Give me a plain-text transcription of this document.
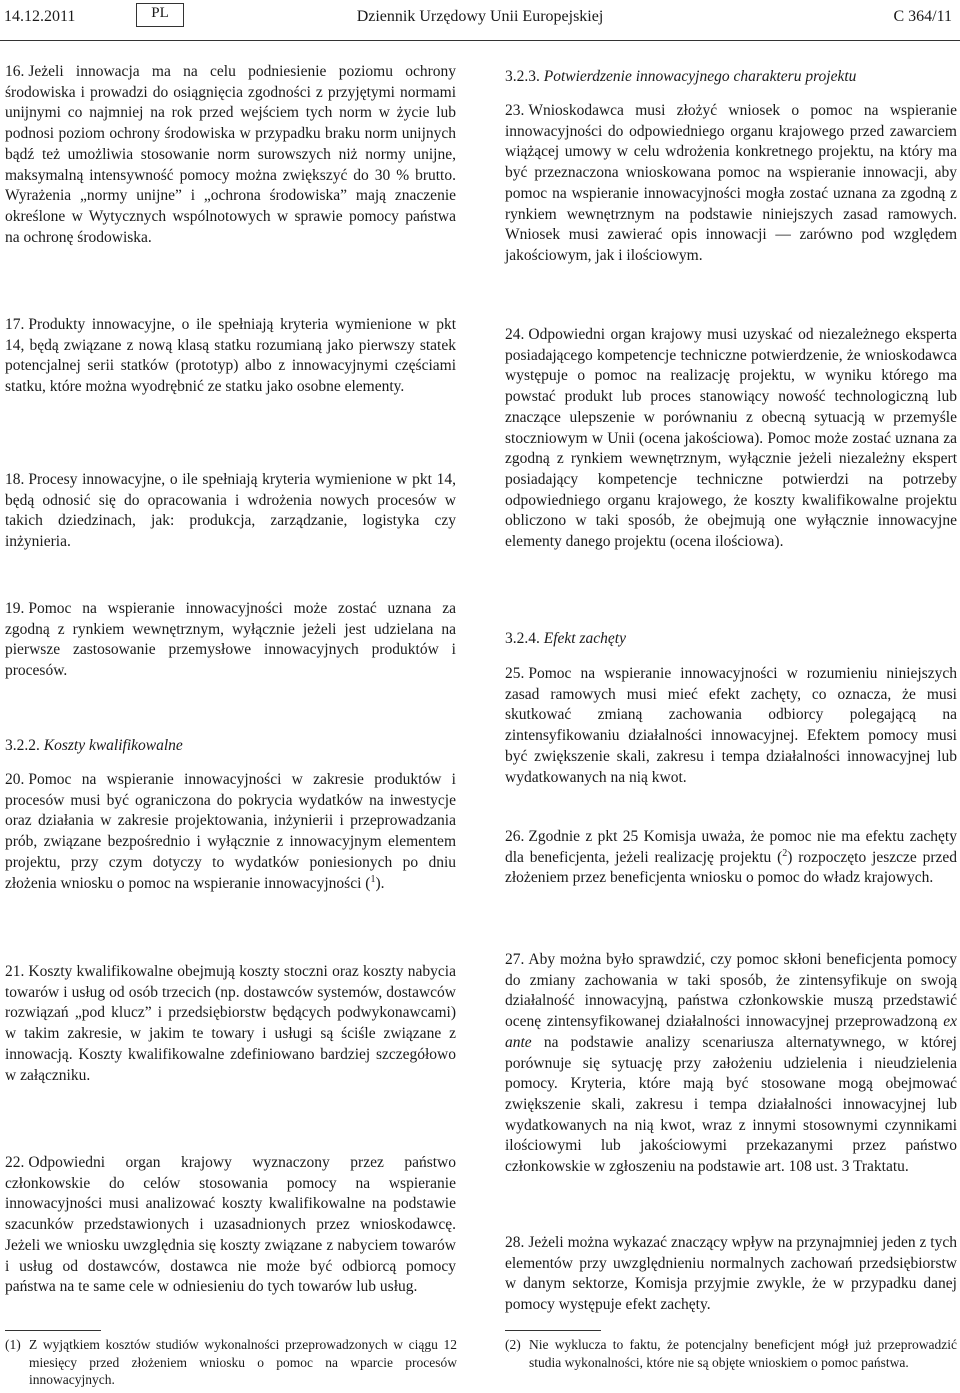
14.12.2011	PL	Dziennik Urzędowy Unii Europejskiej	C 364/11

16. Jeżeli innowacja ma na celu podniesienie poziomu ochrony środowiska i prowadzi do osiągnięcia zgodności z przyjętymi normami unijnymi co najmniej na rok przed wejściem tych norm w życie lub podnosi poziom ochrony środowiska w przypadku braku norm unijnych bądź też umożliwia stosowanie norm surowszych niż normy unijne, maksymalną intensywność pomocy można zwiększyć do 30 % brutto. Wyrażenia „normy unijne” i „ochrona środowiska” mają znaczenie określone w Wytycznych wspólnotowych w sprawie pomocy państwa na ochronę środowiska.

17. Produkty innowacyjne, o ile spełniają kryteria wymienione w pkt 14, będą związane z nową klasą statku rozumianą jako pierwszy statek potencjalnej serii statków (prototyp) albo z innowacyjnymi częściami statku, które można wyodrębnić ze statku jako osobne elementy.

18. Procesy innowacyjne, o ile spełniają kryteria wymienione w pkt 14, będą odnosić się do opracowania i wdrożenia nowych procesów w takich dziedzinach, jak: produkcja, zarządzanie, logistyka czy inżynieria.

19. Pomoc na wspieranie innowacyjności może zostać uznana za zgodną z rynkiem wewnętrznym, wyłącznie jeżeli jest udzielana na pierwsze zastosowanie przemysłowe innowacyjnych produktów i procesów.

3.2.2. Koszty kwalifikowalne

20. Pomoc na wspieranie innowacyjności w zakresie produktów i procesów musi być ograniczona do pokrycia wydatków na inwestycje oraz działania w zakresie projektowania, inżynierii i przeprowadzania prób, związane bezpośrednio i wyłącznie z innowacyjnym elementem projektu, przy czym dotyczy to wydatków poniesionych po dniu złożenia wniosku o pomoc na wspieranie innowacyjności ($^1$).

21. Koszty kwalifikowalne obejmują koszty stoczni oraz koszty nabycia towarów i usług od osób trzecich (np. dostawców systemów, dostawców rozwiązań „pod klucz” i przedsiębiorstw będących podwykonawcami) w takim zakresie, w jakim te towary i usługi są ściśle związane z innowacją. Koszty kwalifikowalne zdefiniowano bardziej szczegółowo w załączniku.

22. Odpowiedni organ krajowy wyznaczony przez państwo członkowskie do celów stosowania pomocy na wspieranie innowacyjności musi analizować koszty kwalifikowalne na podstawie szacunków przedstawionych i uzasadnionych przez wnioskodawcę. Jeżeli we wniosku uwzględnia się koszty związane z nabyciem towarów i usług od dostawców, dostawca nie może być odbiorcą pomocy państwa na te same cele w odniesieniu do tych towarów lub usług.

(1) Z wyjątkiem kosztów studiów wykonalności przeprowadzonych w ciągu 12 miesięcy przed złożeniem wniosku o pomoc na wparcie procesów innowacyjnych.

3.2.3. Potwierdzenie innowacyjnego charakteru projektu

23. Wnioskodawca musi złożyć wniosek o pomoc na wspieranie innowacyjności do odpowiedniego organu krajowego przed zawarciem wiążącej umowy w celu wdrożenia konkretnego projektu, na który ma być przeznaczona wnioskowana pomoc na wspieranie innowacji, aby pomoc na wspieranie innowacyjności mogła zostać uznana za zgodną z rynkiem wewnętrznym na podstawie niniejszych zasad ramowych. Wniosek musi zawierać opis innowacji — zarówno pod względem jakościowym, jak i ilościowym.

24. Odpowiedni organ krajowy musi uzyskać od niezależnego eksperta posiadającego kompetencje techniczne potwierdzenie, że wnioskodawca występuje o pomoc na realizację projektu, w wyniku którego ma powstać produkt lub proces stanowiący nowość technologiczną lub znaczące ulepszenie w porównaniu z obecną sytuacją w przemyśle stoczniowym w Unii (ocena jakościowa). Pomoc może zostać uznana za zgodną z rynkiem wewnętrznym, wyłącznie jeżeli niezależny ekspert posiadający kompetencje techniczne potwierdzi na potrzeby odpowiedniego organu krajowego, że koszty kwalifikowalne projektu obliczono w taki sposób, że obejmują one wyłącznie innowacyjne elementy danego projektu (ocena ilościowa).

3.2.4. Efekt zachęty

25. Pomoc na wspieranie innowacyjności w rozumieniu niniejszych zasad ramowych musi mieć efekt zachęty, co oznacza, że musi skutkować zmianą zachowania odbiorcy polegającą na zintensyfikowaniu działalności innowacyjnej. Efektem pomocy musi być zwiększenie skali, zakresu i tempa działalności innowacyjnej lub wydatkowanych na nią kwot.

26. Zgodnie z pkt 25 Komisja uważa, że pomoc nie ma efektu zachęty dla beneficjenta, jeżeli realizację projektu ($^2$) rozpoczęto jeszcze przed złożeniem przez beneficjenta wniosku o pomoc do władz krajowych.

27. Aby można było sprawdzić, czy pomoc skłoni beneficjenta pomocy do zmiany zachowania w taki sposób, że zintensyfikuje on swoją działalność innowacyjną, państwa członkowskie muszą przedstawić ocenę zintensyfikowanej działalności innowacyjnej przeprowadzoną ex ante na podstawie analizy scenariusza alternatywnego, w której porównuje się sytuację przy założeniu udzielenia i nieudzielenia pomocy. Kryteria, które mają być stosowane mogą obejmować zwiększenie skali, zakresu i tempa działalności innowacyjnej lub wydatkowanych na nią kwot, wraz z innymi stosownymi czynnikami ilościowymi lub jakościowymi przekazanymi przez państwo członkowskie w zgłoszeniu na podstawie art. 108 ust. 3 Traktatu.

28. Jeżeli można wykazać znaczący wpływ na przynajmniej jeden z tych elementów przy uwzględnieniu normalnych zachowań przedsiębiorstw w danym sektorze, Komisja przyjmie zwykle, że w przypadku danej pomocy występuje efekt zachęty.

(2) Nie wyklucza to faktu, że potencjalny beneficjent mógł już przeprowadzić studia wykonalności, które nie są objęte wnioskiem o pomoc państwa.
